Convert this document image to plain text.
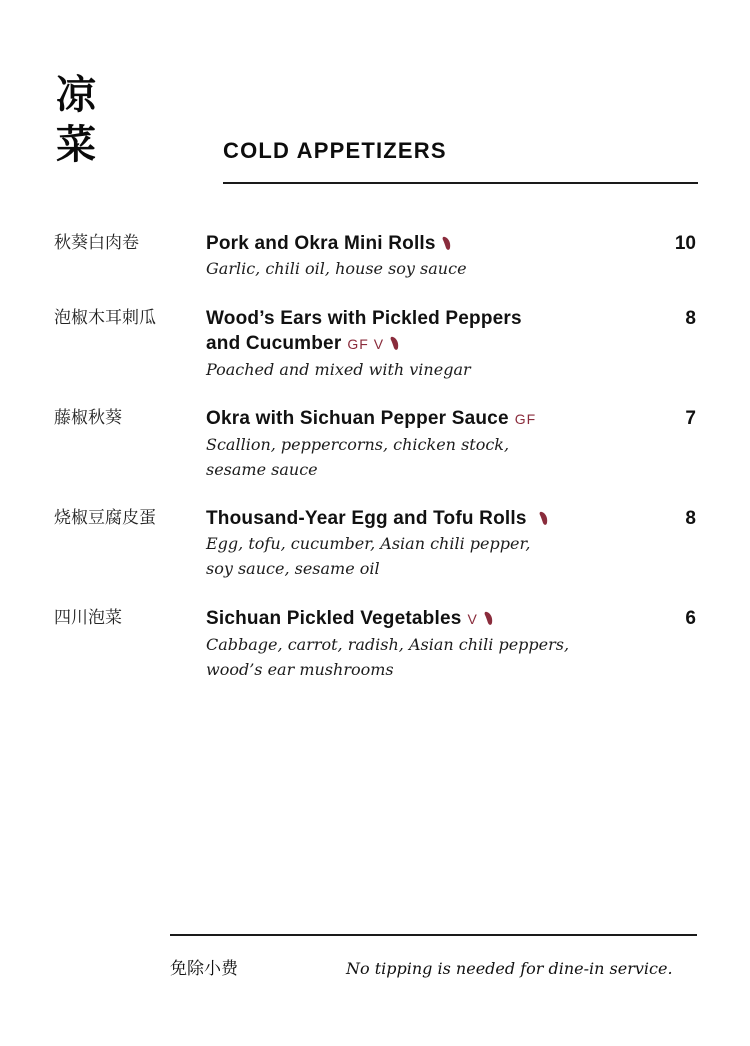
凉
菜	COLD APPETIZERS
秋葵白肉卷	Pork and Okra Mini Rolls
Garlic, chili oil, house soy sauce
10
泡椒木耳刺瓜	Wood’s Ears with Pickled Peppers
and Cucumber GF V
Poached and mixed with vinegar
8
藤椒秋葵	Okra with Sichuan Pepper Sauce GF
Scallion, peppercorns, chicken stock,
sesame sauce
7
烧椒豆腐皮蛋	Thousand-Year Egg and Tofu Rolls
Egg, tofu, cucumber, Asian chili pepper,
soy sauce, sesame oil
8
四川泡菜	Sichuan Pickled Vegetables V
Cabbage, carrot, radish, Asian chili peppers,
wood’s ear mushrooms
6
免除小费	No tipping is needed for dine-in service.
